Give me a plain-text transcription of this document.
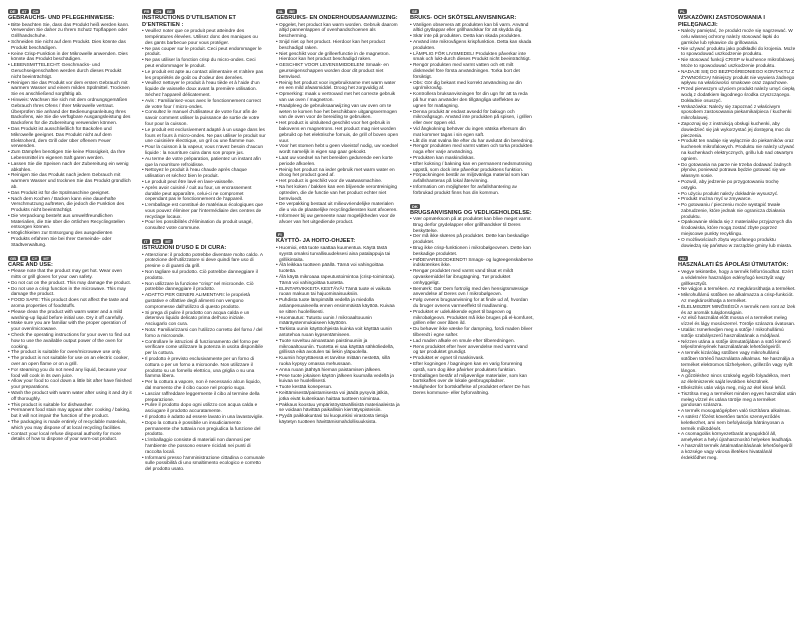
DE	AT	CH
GEBRAUCHS- UND PFLEGEHINWEISE:
• Bitte beachten Sie, dass das Produkt heiß werden kann. Verwenden Sie daher zu Ihrem Schutz Topflappen oder Grillhandschuhe.
• Schneiden Sie nicht auf dem Produkt. Dies könnte das Produkt beschädigen.
• Keine Crisp-Funktion in der Mikrowelle anwenden. Dies könnte das Produkt beschädigen.
• LEBENSMITTELECHT: Geschmacks- und Geruchseigenschaften werden durch dieses Produkt nicht beeinträchtigt.
• Reinigen Sie das Produkt vor dem ersten Gebrauch mit warmem Wasser und einem milden Spülmittel. Trocknen Sie es anschließend sorgfältig ab.
• Hinweis: Wachsen Sie sich mit dem ordnungsgemäßen Gebrauch Ihres Ofens / Ihrer Mikrowelle vertraut. Überprüfen Sie anhand der Bedienungsanleitung Ihres Backofens, wie Sie die verfügbare Ausgangsleistung des Backofens für die Zubereitung verwenden können.
• Das Produkt ist ausschließlich für Backofen und Mikrowelle geeignet. Das Produkt nicht auf dem Elektroherd, dem Grill oder über offenem Feuer verwenden.
• Zum Dämpfen benötigen Sie keine Flüssigkeit, da Ihre Lebensmittel im eigenen Saft garen werden.
• Lassen Sie die Speisen nach der Zubereitung ein wenig abkühlen.
• Reinigen Sie das Produkt nach jedem Gebrauch mit warmem Wasser und trocknen Sie das Produkt gründlich ab.
• Das Produkt ist für die Spülmaschine geeignet.
• Nach dem Kochen / Backen kann eine dauerhafte Verschmutzung auftreten, die jedoch die Funktion des Produkts nicht beeinträchtigt.
• Die Verpackung besteht aus umweltfreundlichen Materialien, die Sie über die örtlichen Recyclingstellen entsorgen können.
• Möglichkeiten zur Entsorgung des ausgedienten Produkts erfahren Sie bei Ihrer Gemeinde- oder Stadtverwaltung.
GB	IE	CY	MT
CARE AND USE:
• Please note that the product may get hot. Wear oven mitts or grill gloves for your own safety.
• Do not cut on the product. This may damage the product.
• Do not use a crisp function in the microwave. This may damage the product.
• FOOD SAFE: This product does not affect the taste and aroma properties of foodstuffs.
• Please clean the product with warm water and a mild washing-up liquid before initial use. Dry it off carefully.
• Make sure you are familiar with the proper operation of your oven/microwave.
• Check the operating instructions for your oven to find out how to use the available output power of the oven for cooking.
• The product is suitable for oven/microwave use only.
• The product is not suitable for use on an electric cooker, over an open flame or on a grill.
• For steaming you do not need any liquid, because your food will cook in its own juice.
• Allow your food to cool down a little bit after have finished your preparations.
• Wash the product with warm water after using it and dry it off thoroughly.
• This product is suitable for dishwasher.
• Permanent food stain may appear after cooking / baking, but it will not impair the function of the product.
• The packaging is made entirely of recyclable materials, which you may dispose of at local recycling facilities.
• Contact your local refuse disposal authority for more details of how to dispose of your worn-out product.
FR	CH	BE
INSTRUCTIONS D’UTILISATION ET D’ENTRETIEN :
• Veuillez noter que ce produit peut atteindre des températures élevées. Utilisez donc des maniques ou des gants barbecue pour vous protéger.
• Ne pas couper sur le produit. Ceci peut endommager le produit.
• Ne pas utiliser la fonction crisp du micro-ondes. Ceci peut endommager le produit.
• Le produit est apte au contact alimentaire et n’altère pas les propriétés de goût ou d’odeur des denrées.
• Veuillez nettoyer le produit à l’eau tiède et à l’aide d’un liquide de vaisselle doux avant la première utilisation. Séchez l’appareil délicatement.
• Avis : Familiarisez-vous avec le fonctionnement correct de votre four / micro-ondes.
• Consultez le manuel d’utilisateur de votre four afin de savoir comment utiliser la puissance de sortie de votre four pour la cuisson.
• Le produit est exclusivement adapté à un usage dans les fours et fours à micro-ondes. Ne pas utiliser le produit sur une cuisinière électrique, un gril ou une flamme nue.
• Pour la cuisson à la vapeur, vous n’avez besoin d’aucun liquide : la nourriture cuira dans son propre jus.
• Au terme de votre préparation, patientez un instant afin que la nourriture refroidisse.
• Nettoyez le produit à l’eau chaude après chaque utilisation et séchez bien le produit.
• Le produit peut être lavé en lave-vaisselle.
• Après avoir cuisiné / cuit au four, un encrassement durable peut apparaître, celui-ci ne compromet cependant pas le fonctionnement de l’appareil.
• L’emballage est constitué de matériaux écologiques que vous pouvez éliminer par l’intermédiaire des centres de recyclage locaux.
• Pour les possibilités d’élimination du produit usagé, consultez votre commune.
IT	CH	MT
ISTRUZIONI D’USO E DI CURA:
• Attenzione: il prodotto potrebbe diventare molto caldo. A protezione dell’utilizzatore si deve quindi fare uso di presine o di guanti da grill.
• Non tagliare sul prodotto. Ciò potrebbe danneggiare il prodotto.
• Non utilizzare la funzione “crisp” nel microonde. Ciò potrebbe danneggiare il prodotto.
• ADATTO PER GENERI ALIMENTARI: le proprietà gustative e olfattive degli alimenti non vengono compromesse dall’utilizzo di questo prodotto.
• Si prega di pulire il prodotto con acqua calda e un detersivo liquido delicato prima dell’uso iniziale. Asciugarlo con cura.
• Nota: Familiarizzarsi con l’utilizzo corretto del forno / del forno a microonde.
• Controllare le istruzioni di funzionamento del forno per verificare come utilizzare la potenza in uscita disponibile per la cottura.
• Il prodotto è previsto esclusivamente per un forno di cottura o per un forno a microonde. Non utilizzare il prodotto su un fornello elettrico, una griglia o su una fiamma libera.
• Per la cottura a vapore, non è necessario alcun liquido, dal momento che il cibo cuoce nel proprio sugo.
• Lasciar raffreddare leggermente il cibo al termine della preparazione.
• Pulire il prodotto dopo ogni utilizzo con acqua calda e asciugare il prodotto accuratamente.
• Il prodotto è adatto ad essere lavato in una lavastoviglie.
• Dopo la cottura è possibile un insudiciamento permanente che tuttavia non pregiudica la funzione del prodotto.
• L’imballaggio consiste di materiali non dannosi per l’ambiente che possono essere riciclati nei punti di raccolta locali.
• Informarsi presso l’amministrazione cittadina o comunale sulle possibilità di uno smaltimento ecologico e corretto del prodotto usato.
NL	BE
GEBRUIKS- EN ONDERHOUDSAANWIJZING:
• Opgelet, het product kan warm worden. Gebruik daarom altijd pannenlappen of ovenhandschoenen als bescherming.
• Snijd niet op het product. Hierdoor kan het product beschadigd raken.
• Niet geschikt voor de grilleerfunctie in de magnetron. Hierdoor kan het product beschadigd raken.
• GESCHIKT VOOR LEVENSMIDDELEN! Smaak- en geurseigenschappen worden door dit product niet beïnvloed.
• Reinig het product voor ingebruikname met warm water en een mild afwasmiddel. Droog het zorgvuldig af.
• Opmerking: maak u vertrouwd met het correcte gebruik van uw oven / magnetron.
• Raadpleeg de gebruiksaanwijzing van uw oven om te weten te komen hoe het beschikbare uitgangsvermogen van de oven voor de bereiding te gebruiken.
• Het product is uitsluitend geschikt voor het gebruik in bakovens en magnetrons. Het product mag niet worden gebruikt op het elektrische fornuis, de grill of boven open vuur.
• Voor het stomen hebt u geen vloeistof nodig, uw voedsel wordt namelijk in eigen sap gaar gekookt.
• Laat uw voedsel na het bereiden gedurende een korte periode afkoelen.
• Reinig het product na ieder gebruik met warm water en droog het product goed af.
• Het product is geschikt voor de vaatwasmachine.
• Na het koken / bakken kan een blijvende verontreiniging optreden, die de functie van het product echter niet beïnvloedt.
• De verpakking bestaat uit milieuvriendelijke materialen die u via de plaatselijke recyclingdiensten kunt afvoeren.
• Informeer bij uw gemeente naar mogelijkheden voor de afvoer van het uitgediende product.
FI
KÄYTTÖ- JA HOITO-OHJEET:
• Huomioi, että tuote saattaa kuumentua. Käytä tästä syystä omaksi turvallisuudeksesi aina patalappuja tai grillikintaita.
• Älä leikkaa tuotteen päällä. Tämä voi vahingoittaa tuotetta.
• Älä käytä mikroaaa rapeutustoimintoa (crisp-toimintoa). Tämä voi vahingoittaa tuotetta.
• ELINTARVIKKEITA KESTÄVÄ! Tämä tuote ei vaikuta ruoan makuun tai hajuominaisuuksiin.
• Puhdista tuote lämpimällä vedellä ja miedolla astianpesuaineella ennen ensimmäistä käyttöä. Kuivaa se sitten huolellisesti.
• Huomautus: Tutustu uunin / mikroaaltouunin määräystenmukaiseen käyttöön.
• Tarkista uunin käyttöohjeista kuinka voit käyttää uunin antotehoa ruoan kypsentämiseen.
• Tuote soveltuu ainoastaan paistinuuniin ja mikroaaltouuniin. Tuotetta ei saa käyttää sähköliedellä, grillissä eikä avotulen tai liekin yläpuolella.
• Kuumin höyryttäessä et tarvitse mitään nestettä, sillä ruoka kypsyy omassa mehussaan.
• Anna ruoan jäähtyä hieman paistamisen jälkeen.
• Pese tuote jokaisen käytön jälkeen kuumalla vedellä ja kuivaa se huolellisesti.
• Tuote kestää konepesun.
• Keittämisestä/paistamisesta voi jäädä pysyviä jälkiä, jotka eivät kuitenkaan haittaa tuotteen toimintaa.
• Pakkaus koostuu ympäristöystävällisistä materiaaleista ja se voidaan hävittää paikallisiin kierrätyspisteisiin.
• Pyydä paikkakuntasi tai kuopunkisi virastosta tietoja käytetyn tuotteen hävittämismahdollisuuksista.
SE
BRUKS- OCH SKÖTSELANVISNINGAR:
• Vänligen observera att produkten kan bli varm. Använd alltid grytlappar eller grillhandskar för att skydda dig.
• Skär inte på produkten. Detta kan skada produkten.
• Använd inte mikrovågens krispfunktion. Detta kan skada produkten.
• LÄMPLIG FÖR LIVSMEDEL! Produkten påverkar inte smak och lukt-durch dieses Produkt nicht beeinträchtigt.
• Rengör produkten med varmt vatten och ett milt diskmedel före första användningen. Torka bort det försiktigt.
• Obs: Gör dig bekant med korrekt användning av din ugn/mikrovåg.
• Kontrollera bruksanvisningen för din ugn för att ta reda på hur man använder den tillgängliga uteffekten av ugnen för matlagning.
• Denna produkt är endast avsedd för bakugn och mikrovågsugn. Använd inte produkten på spisen, i grillen eller över öppen eld.
• Vid ångkokning behöver du ingen vätska eftersom din mat kommer tagas i sin egen saft.
• Låt din mat svalna lite efter du har avslutat din beredning.
• Rengör produkten med varmt vatten och torka produkten noga efter varje användning.
• Produkten kan maskindiskas.
• Efter kokning / bakning kan en permanent nedsmutsning uppstå, som dock inte påverkar produktens funktion.
• Förpackningen består av miljövänliga material som kan avfallshanteras på lokal återvinning.
• Information om möjligheter för avfallshantering av förbrukad produkt finns hos din kommun.
DK
BRUGSANVISNING OG VEDLIGEHOLDELSE:
• Vær opmærksom på at produktet kan blive meget varmt. Brug derfor grydelapper eller grillhandsker til Deres beskyttelse.
• Der må ikke skæres på produktet. Dette kan beskadige produktet.
• Brug ikke crisp-funktionen i mikrobølgeovnen. Dette kan beskadige produktet.
• FØDEVAREGODKENDT! Smags- og lugteegenskaberne indskrænkes ikke.
• Rengør produktet med varmt vand tilsat et mildt opvaskemiddel før ibrugtagning. Tør produktet omhyggeligt.
• Bemærk: Gør Dem fortrolig med den hensigtsmæssige anvendelse af Deres ovn / mikrobølgeovn.
• Følg ovnens brugsanvisning for at finde ud af, hvordan du bruger ovnens varmeeffekt til madlavning.
• Produktet er udelukkende egnet til bageovn og mikrobølgeovn. Produktet må ikke bruges på el-komfuret, grillen eller over åben ild.
• Du behøver ikke væske for dampning, fordi maden bliver tilberedt i egne safter.
• Lad maden afkøle en smule efter tilberedningen.
• Rens produktet efter hver anvendelse med varmt vand og tør produktet grundigt.
• Produktet er egnet til maskinvask.
• Efter kogningen / bagningen kan en varig forurening opstå, som dog ikke påvirker produktets funktion.
• Emballagen består af miljøvenlige materialer, som kan bortskaffes over de lokale genbrugspladser.
• Muligheder for bortskaffelse af produktet erfarer De hos Deres kommune- eller byforvaltning.
PL
WSKAZÓWKI ZASTOSOWANIA I PIELĘGNACJI:
• Należy pamiętać, że produkt może się nagrzewać. W celu własnej ochrony należy stosować łapki do garnków lub rękawice do grillowania.
• Nie używać produktu jako podkładki do krojenia. Może to spowodować uszkodzenie produktu.
• Nie stosować funkcji CRISP w kuchence mikrofalowej. Może to spowodować uszkodzenie produktu.
• NADAJE SIĘ DO BEZPOŚREDNIEGO KONTAKTU Z ŻYWNOŚCIĄ! Niniejszy produkt nie wywiera żadnego wpływu na właściwości smakowe oraz zapachowe.
• Przed pierwszym użyciem produkt należy umyć ciepłą wodą z dodatkiem łagodnego środka czyszczącego. Dokładnie osuszyć.
• Wskazówka: Należy się zapoznać z właściwym sposobem zastosowania piekarnika/pieca / kuchenki mikrofalowej.
• Zapoznaj się z instrukcją obsługi kuchenki, aby dowiedzieć się jak wykorzystać jej dostępną moc do pieczenia.
• Produkt ten nadaje się wyłącznie do piekarników oraz kuchenek mikrofalowych. Produktu nie należy używać na kuchenkach elektrycznych, grillu lub nad otwartym ogniem.
• Do gotowania na parze nie trzeba dodawać żadnych płynów, ponieważ potrawa będzie gotować się we własnym sosie.
• Pozwól, aby jedzenie po przygotowaniu trochę ostygło.
• Po użyciu produkt należy dokładnie wysuszyć.
• Produkt można myć w zmywarce.
• Po gotowaniu / pieczeniu może wystąpić trwałe zabrudzenie, które jednak nie ogranicza działania produktu.
• Opakowanie składa się z materiałów przyjaznych dla środowiska, które mogą zostać zbyte poprzez miejscowe punkty recyklingu.
• O możliwościach zbytu wycofanego produktu dowiedzą się państwo w zarządzie gminy lub miasta.
HU
HASZNÁLATI ÉS ÁPOLÁSI ÚTMUTATÓK:
• Vegye tekintetbe, hogy a termék felforrósodhat. Ezért a védelmére használjon edényfogó kesztyűt vagy grillkesztyűt.
• Ne vágjon a terméken. Az megkárosíthatja a terméket.
• Mikrohullámú sütőben ne alkalmazza a crisp-funkciót. Az megkárosíthatja a terméket.
• ÉLELMISZER MINŐSÉGŰ! A termék nem ront az ízek és az aromák tulajdonságain.
• Az első használat előtt mossa el a terméket meleg vízzel és lágy mosószerrel. Törölje szárazra óvatosan.
• Utalás: Ismerkedjen meg a sütője / mikrohullámú sütője szabályszerű használatának a módjával.
• Nézzen utána a sütője útmutatójában a sütő kimenő teljesítményének használatának lehetőségeiről.
• A termék kizárólag sütőben vagy mikrohullámú sütőben történő használatra alkalmas. Ne használja a terméket elektromos tűzhelyeken, grillezőn vagy nyílt lángon.
• A gőzöléshez nincs szükség egyéb folyadékra, mert az élelmiszerek saját levükben készülnek.
• Elkészítés után várja meg, míg az étel kissé lehűl.
• Tisztítsa meg a terméket minden egyes használat után meleg vízzel és utána törölje meg a terméket gondosan szárazra.
• A termék mosogatógépben való tisztításra alkalmas.
• A sütést / főzést követően tartós szennyeződés keletkezhet, ami nem befolyásolja hátrányosan a termék működését.
• A csomagolás környezetbarát anyagokból áll, amelyeket a helyi újrahasznosító helyeken leadhatja.
• A használt termék ártalmatlanításának lehetőségeiről a községe vagy városa illetékes hivatalánál érdeklődhet meg.
